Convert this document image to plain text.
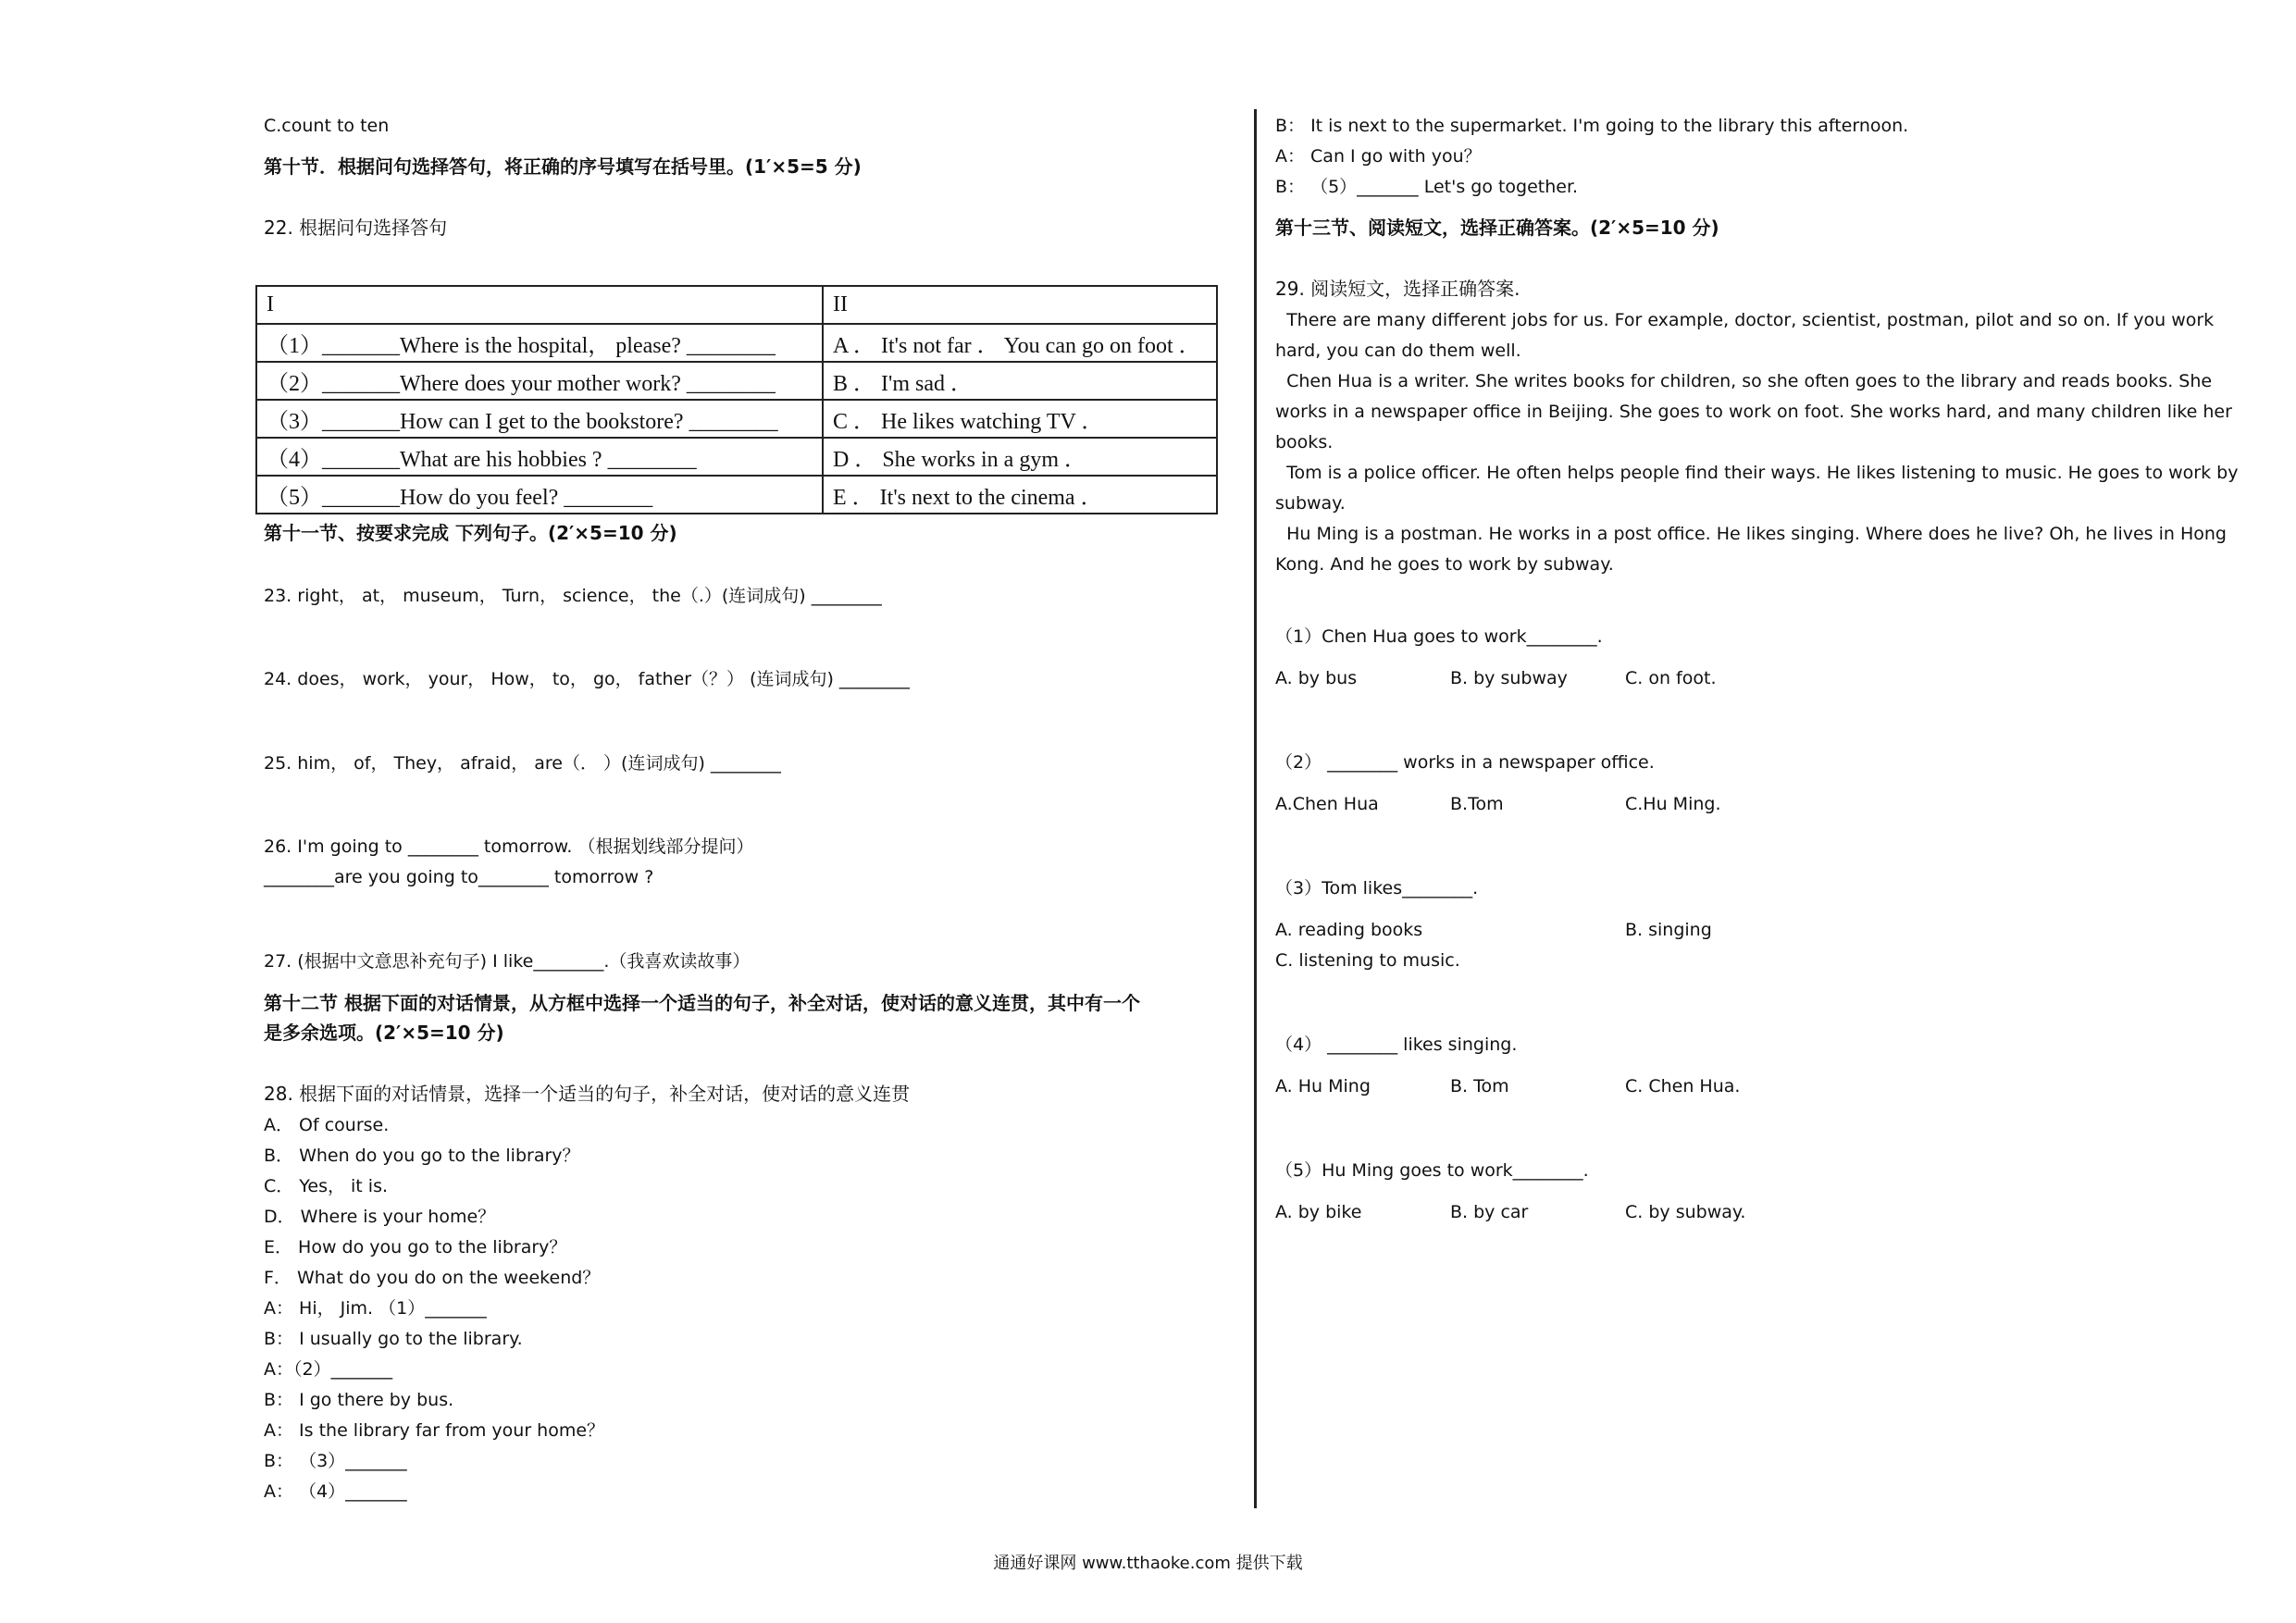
C.count to ten
第十节．根据问句选择答句，将正确的序号填写在括号里。(1′×5=5 分)
22. 根据问句选择答句
I	II
（1）_______Where is the hospital， please? ________	A ． It's not far ． You can go on foot ．
（2）_______Where does your mother work? ________	B ． I'm sad ．
（3）_______How can I get to the bookstore? ________	C ． He likes watching TV ．
（4）_______What are his hobbies ? ________	D ． She works in a gym ．
（5）_______How do you feel? ________	E ． It's next to the cinema ．
第十一节、按要求完成 下列句子。(2′×5=10 分)
23. right， at， museum， Turn， science， the（.）(连词成句) ________
24. does， work， your， How， to， go， father（？） (连词成句) ________
25. him， of， They， afraid， are（． ）(连词成句) ________
26. I'm going to ________ tomorrow. （根据划线部分提问）
________are you going to________ tomorrow ?
27. (根据中文意思补充句子) I like________.（我喜欢读故事）
第十二节 根据下面的对话情景，从方框中选择一个适当的句子，补全对话，使对话的意义连贯，其中有一个
是多余选项。(2′×5=10 分)
28. 根据下面的对话情景，选择一个适当的句子，补全对话，使对话的意义连贯
A． Of course.
B． When do you go to the library？
C． Yes， it is.
D． Where is your home？
E． How do you go to the library？
F． What do you do on the weekend？
A： Hi， Jim. （1）_______
B： I usually go to the library.
A：（2）_______
B： I go there by bus.
A： Is the library far from your home？
B： （3）_______
A： （4）_______
B： It is next to the supermarket. I'm going to the library this afternoon.
A： Can I go with you？
B： （5）_______ Let's go together.
第十三节、阅读短文，选择正确答案。(2′×5=10 分)
29. 阅读短文，选择正确答案.
There are many different jobs for us. For example, doctor, scientist, postman, pilot and so on. If you work
hard, you can do them well.
Chen Hua is a writer. She writes books for children, so she often goes to the library and reads books. She
works in a newspaper office in Beijing. She goes to work on foot. She works hard, and many children like her
books.
Tom is a police officer. He often helps people find their ways. He likes listening to music. He goes to work by
subway.
Hu Ming is a postman. He works in a post office. He likes singing. Where does he live? Oh, he lives in Hong
Kong. And he goes to work by subway.
（1）Chen Hua goes to work________.
A. by bus	B. by subway	C. on foot.
（2） ________ works in a newspaper office.
A.Chen Hua	B.Tom	C.Hu Ming.
（3）Tom likes________.
A. reading books	B. singing
C. listening to music.
（4） ________ likes singing.
A. Hu Ming	B. Tom	C. Chen Hua.
（5）Hu Ming goes to work________.
A. by bike	B. by car	C. by subway.
通通好课网 www.tthaoke.com 提供下载
